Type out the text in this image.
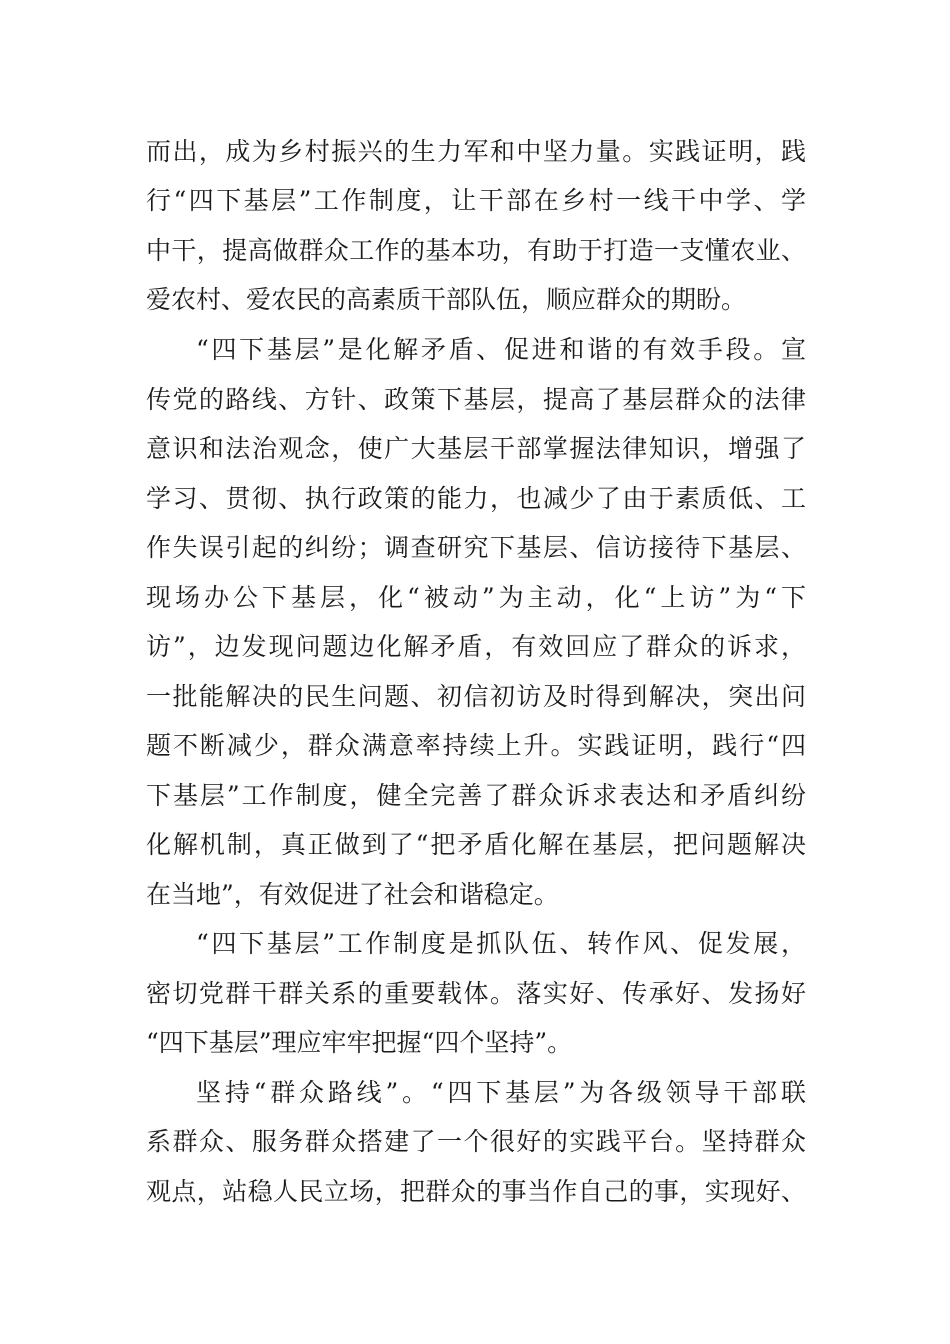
而出，成为乡村振兴的生力军和中坚力量。实践证明，践
行“四下基层”工作制度，让干部在乡村一线干中学、学
中干，提高做群众工作的基本功，有助于打造一支懂农业、
爱农村、爱农民的高素质干部队伍，顺应群众的期盼。
“四下基层”是化解矛盾、促进和谐的有效手段。宣
传党的路线、方针、政策下基层，提高了基层群众的法律
意识和法治观念，使广大基层干部掌握法律知识，增强了
学习、贯彻、执行政策的能力，也减少了由于素质低、工
作失误引起的纠纷；调查研究下基层、信访接待下基层、
现场办公下基层，化“被动”为主动，化“上访”为“下
访”，边发现问题边化解矛盾，有效回应了群众的诉求，
一批能解决的民生问题、初信初访及时得到解决，突出问
题不断减少，群众满意率持续上升。实践证明，践行“四
下基层”工作制度，健全完善了群众诉求表达和矛盾纠纷
化解机制，真正做到了“把矛盾化解在基层，把问题解决
在当地”，有效促进了社会和谐稳定。
“四下基层”工作制度是抓队伍、转作风、促发展，
密切党群干群关系的重要载体。落实好、传承好、发扬好
“四下基层”理应牢牢把握“四个坚持”。
坚持“群众路线”。“四下基层”为各级领导干部联
系群众、服务群众搭建了一个很好的实践平台。坚持群众
观点，站稳人民立场，把群众的事当作自己的事，实现好、
